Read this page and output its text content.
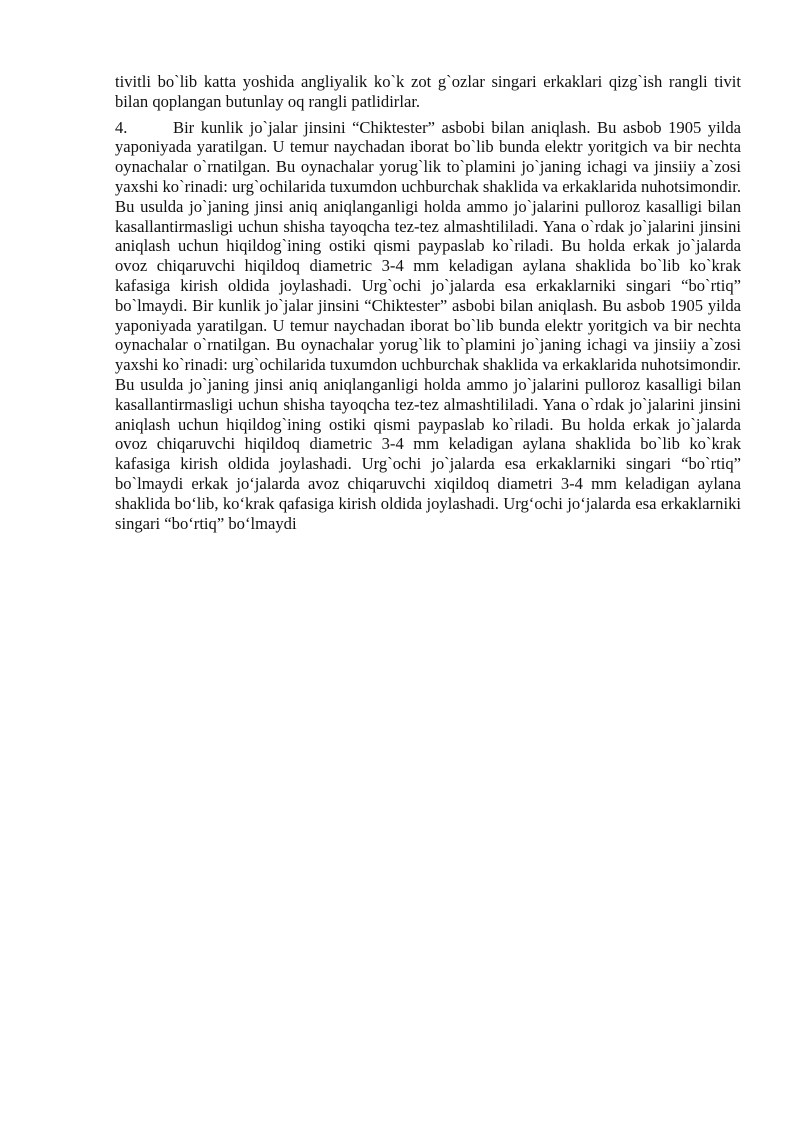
tivitli bo`lib katta yoshida angliyalik ko`k zot g`ozlar singari erkaklari qizg`ish rangli tivit bilan qoplangan butunlay oq rangli patlidirlar.

4.	Bir kunlik jo`jalar jinsini “Chiktester” asbobi bilan aniqlash. Bu asbob 1905 yilda yaponiyada yaratilgan. U temur naychadan iborat bo`lib bunda elektr yoritgich va bir nechta oynachalar o`rnatilgan. Bu oynachalar yorug`lik to`plamini jo`janing ichagi va jinsiiy a`zosi yaxshi ko`rinadi: urg`ochilarida tuxumdon uchburchak shaklida va erkaklarida nuhotsimondir. Bu usulda jo`janing jinsi aniq aniqlanganligi holda ammo jo`jalarini pulloroz kasalligi bilan kasallantirmasligi uchun shisha tayoqcha tez-tez almashtililadi. Yana o`rdak jo`jalarini jinsini aniqlash uchun hiqildog`ining ostiki qismi paypaslab ko`riladi. Bu holda erkak jo`jalarda ovoz chiqaruvchi hiqildoq diametric 3-4 mm keladigan aylana shaklida bo`lib ko`krak kafasiga kirish oldida joylashadi. Urg`ochi jo`jalarda esa erkaklarniki singari “bo`rtiq” bo`lmaydi. Bir kunlik jo`jalar jinsini “Chiktester” asbobi bilan aniqlash. Bu asbob 1905 yilda yaponiyada yaratilgan. U temur naychadan iborat bo`lib bunda elektr yoritgich va bir nechta oynachalar o`rnatilgan. Bu oynachalar yorug`lik to`plamini jo`janing ichagi va jinsiiy a`zosi yaxshi ko`rinadi: urg`ochilarida tuxumdon uchburchak shaklida va erkaklarida nuhotsimondir. Bu usulda jo`janing jinsi aniq aniqlanganligi holda ammo jo`jalarini pulloroz kasalligi bilan kasallantirmasligi uchun shisha tayoqcha tez-tez almashtililadi. Yana o`rdak jo`jalarini jinsini aniqlash uchun hiqildog`ining ostiki qismi paypaslab ko`riladi. Bu holda erkak jo`jalarda ovoz chiqaruvchi hiqildoq diametric 3-4 mm keladigan aylana shaklida bo`lib ko`krak kafasiga kirish oldida joylashadi. Urg`ochi jo`jalarda esa erkaklarniki singari “bo`rtiq” bo`lmaydi erkak jo‘jalarda avoz chiqaruvchi xiqildoq diametri 3-4 mm keladigan aylana shaklida bo‘lib, ko‘krak qafasiga kirish oldida joylashadi. Urg‘ochi jo‘jalarda esa erkaklarniki singari “bo‘rtiq” bo‘lmaydi
